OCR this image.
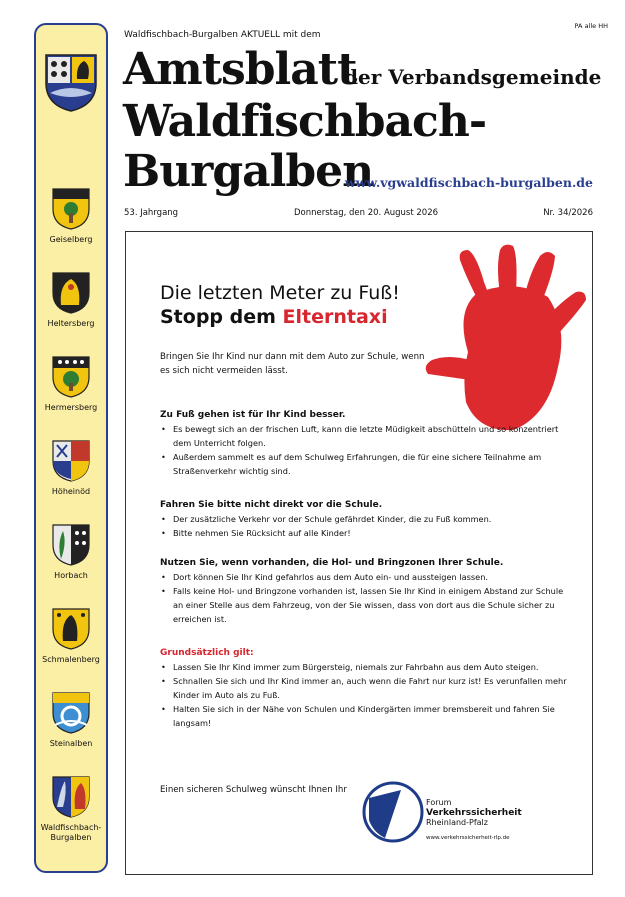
Geiselberg
Heltersberg
Hermersberg
Höheinöd
Horbach
Schmalenberg
Steinalben
Waldfischbach-Burgalben
PA alle HH
Waldfischbach-Burgalben AKTUELL mit dem
Amtsblatt
der Verbandsgemeinde
Waldfischbach-
Burgalben
www.vgwaldfischbach-burgalben.de
53. Jahrgang	Donnerstag, den 20. August 2026	Nr. 34/2026
Die letzten Meter zu Fuß!
Stopp dem Elterntaxi
Bringen Sie Ihr Kind nur dann mit dem Auto zur Schule, wenn es sich nicht vermeiden lässt.
Zu Fuß gehen ist für Ihr Kind besser.
• Es bewegt sich an der frischen Luft, kann die letzte Müdigkeit abschütteln und so konzentriert dem Unterricht folgen.
• Außerdem sammelt es auf dem Schulweg Erfahrungen, die für eine sichere Teilnahme am Straßenverkehr wichtig sind.
Fahren Sie bitte nicht direkt vor die Schule.
• Der zusätzliche Verkehr vor der Schule gefährdet Kinder, die zu Fuß kommen.
• Bitte nehmen Sie Rücksicht auf alle Kinder!
Nutzen Sie, wenn vorhanden, die Hol- und Bringzonen Ihrer Schule.
• Dort können Sie Ihr Kind gefahrlos aus dem Auto ein- und aussteigen lassen.
• Falls keine Hol- und Bringzone vorhanden ist, lassen Sie Ihr Kind in einigem Abstand zur Schule an einer Stelle aus dem Fahrzeug, von der Sie wissen, dass von dort aus die Schule sicher zu erreichen ist.
Grundsätzlich gilt:
• Lassen Sie Ihr Kind immer zum Bürgersteig, niemals zur Fahrbahn aus dem Auto steigen.
• Schnallen Sie sich und Ihr Kind immer an, auch wenn die Fahrt nur kurz ist! Es verunfallen mehr Kinder im Auto als zu Fuß.
• Halten Sie sich in der Nähe von Schulen und Kindergärten immer bremsbereit und fahren Sie langsam!
Einen sicheren Schulweg wünscht Ihnen Ihr
Forum
Verkehrssicherheit
Rheinland-Pfalz
www.verkehrssicherheit-rlp.de
